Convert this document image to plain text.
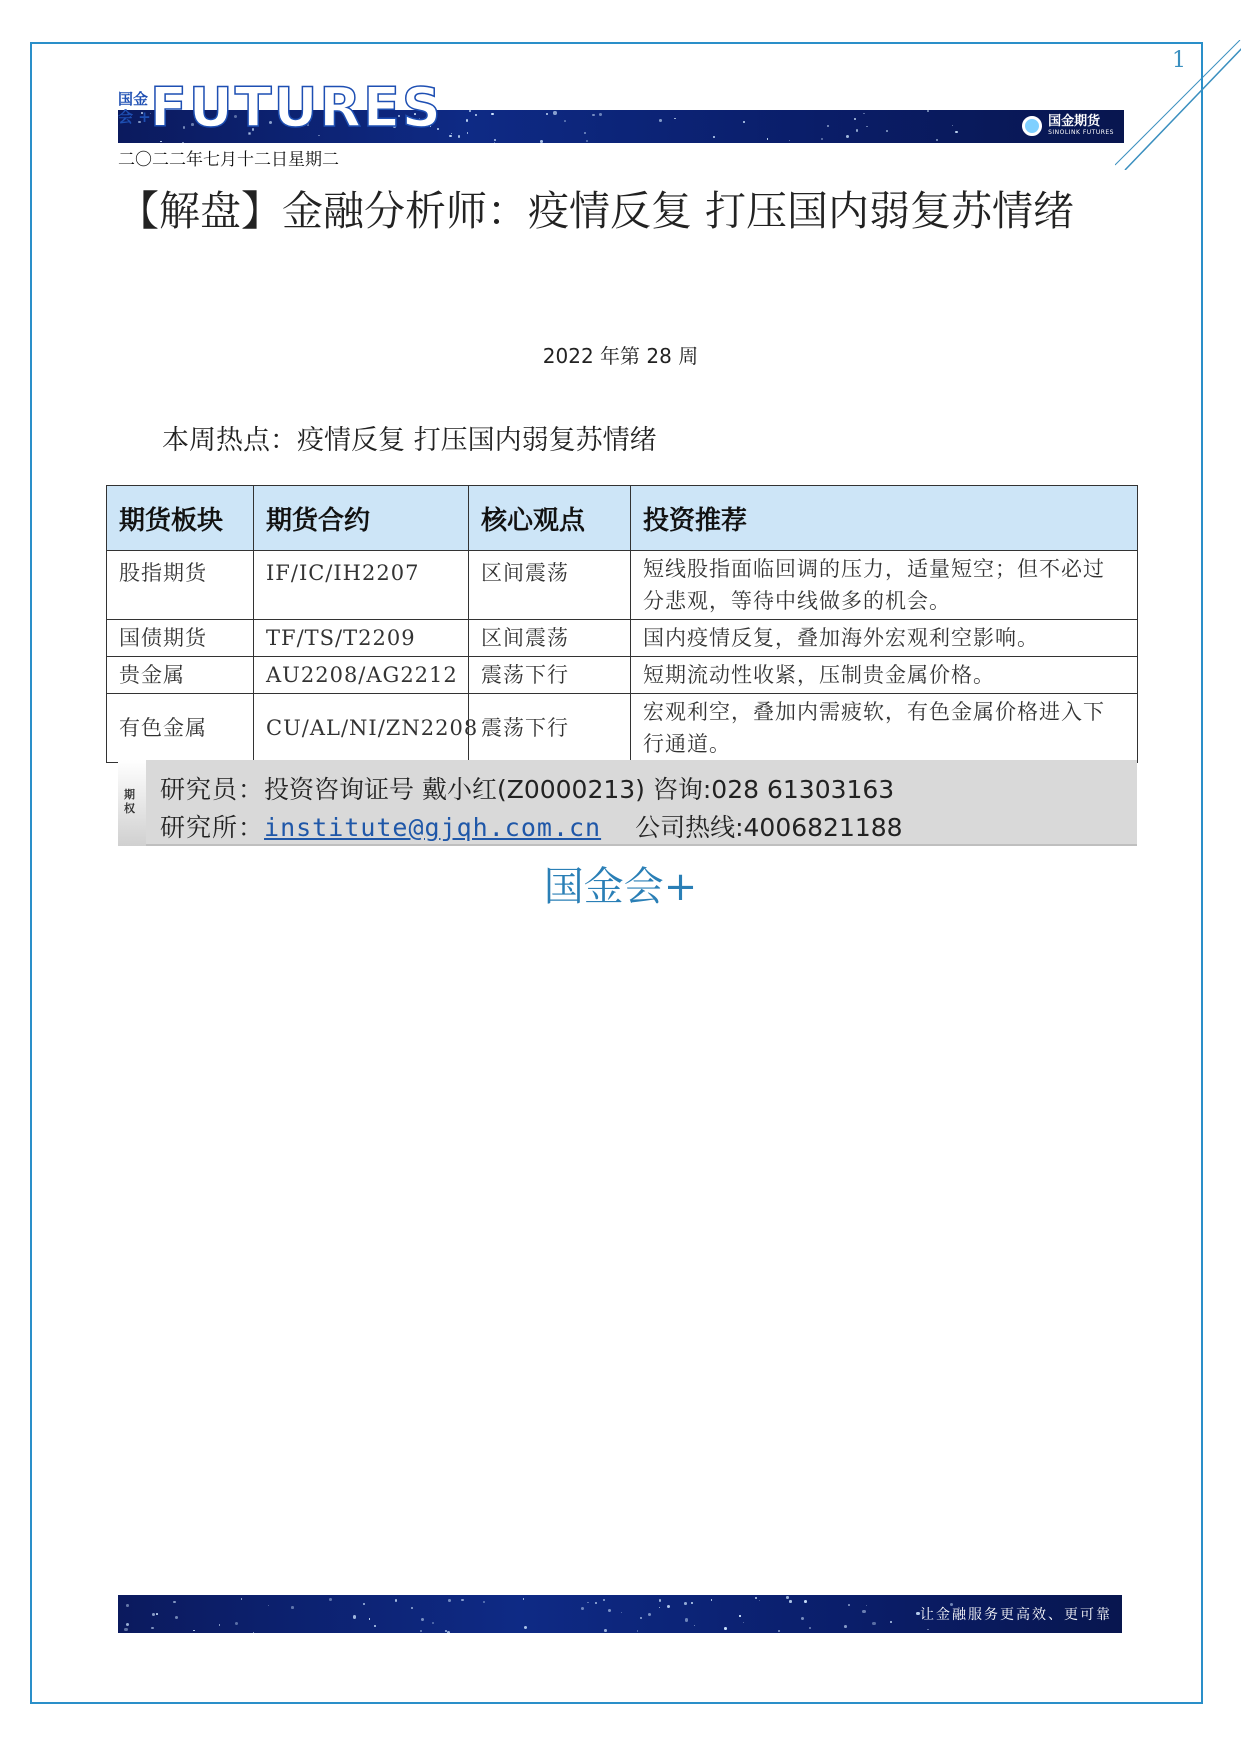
1
国金期货
SINOLINK FUTURES
国金会 + FUTURES
二〇二二年七月十二日星期二
【解盘】金融分析师：疫情反复 打压国内弱复苏情绪
2022 年第 28 周
本周热点：疫情反复 打压国内弱复苏情绪
期货板块	期货合约	核心观点	投资推荐
股指期货	IF/IC/IH2207	区间震荡	短线股指面临回调的压力，适量短空；但不必过分悲观，等待中线做多的机会。
国债期货	TF/TS/T2209	区间震荡	国内疫情反复，叠加海外宏观利空影响。
贵金属	AU2208/AG2212	震荡下行	短期流动性收紧，压制贵金属价格。
有色金属	CU/AL/NI/ZN2208	震荡下行	宏观利空，叠加内需疲软，有色金属价格进入下行通道。
期权
研究员：投资咨询证号 戴小红(Z0000213) 咨询:028 61303163
研究所：institute@gjqh.com.cn 公司热线:4006821188
国金会+
让金融服务更高效、更可靠
